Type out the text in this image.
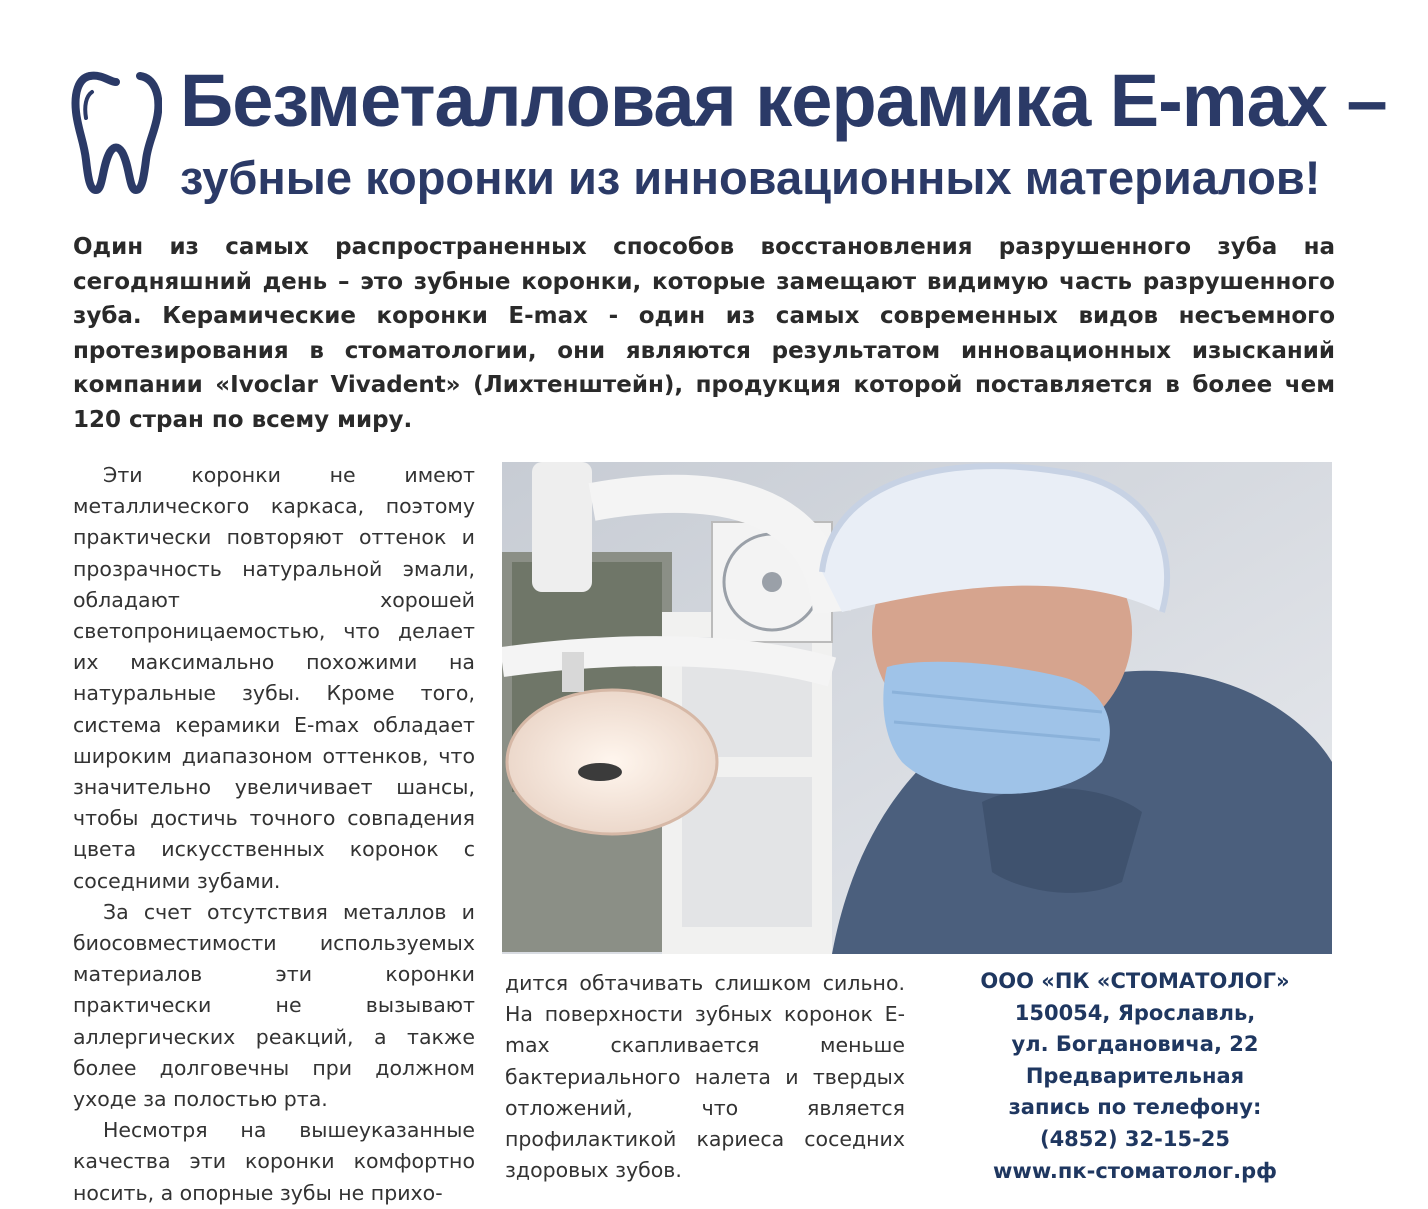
Безметалловая керамика E-max –
зубные коронки из инновационных материалов!

Один из самых распространенных способов восстановления разрушенного зуба на сегодняшний день – это зубные коронки, которые замещают видимую часть разрушенного зуба. Керамические коронки E-max - один из самых современных видов несъемного протезирования в стоматологии, они являются результатом инновационных изысканий компании «Ivoclar Vivadent» (Лихтенштейн), продукция которой поставляется в более чем 120 стран по всему миру.

Эти коронки не имеют металлического каркаса, поэтому практически повторяют оттенок и прозрачность натуральной эмали, обладают хорошей светопроницаемостью, что делает их максимально похожими на натуральные зубы. Кроме того, система керамики E-max обладает широким диапазоном оттенков, что значительно увеличивает шансы, чтобы достичь точного совпадения цвета искусственных коронок с соседними зубами.

За счет отсутствия металлов и биосовместимости используемых материалов эти коронки практически не вызывают аллергических реакций, а также более долговечны при должном уходе за полостью рта.

Несмотря на вышеуказанные качества эти коронки комфортно носить, а опорные зубы не прихо-

дится обтачивать слишком сильно. На поверхности зубных коронок E-max скапливается меньше бактериального налета и твердых отложений, что является профилактикой кариеса соседних здоровых зубов.

ООО «ПК «СТОМАТОЛОГ»
150054, Ярославль,
ул. Богдановича, 22
Предварительная
запись по телефону:
(4852) 32-15-25
www.пк-стоматолог.рф
